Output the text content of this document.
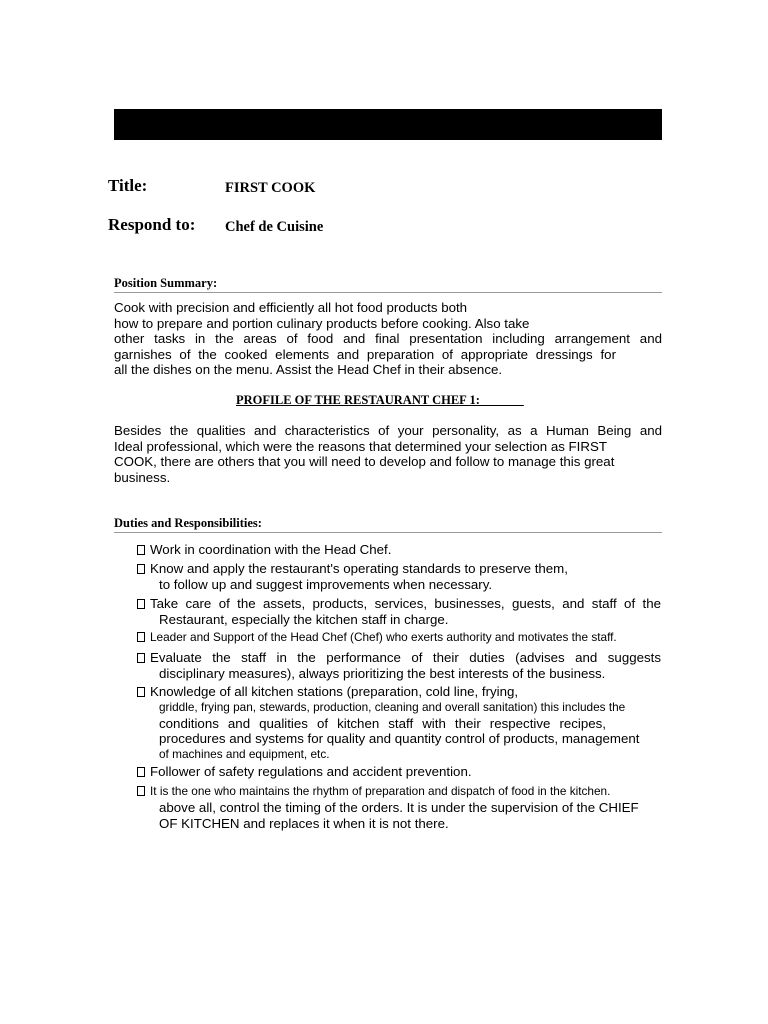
Title:	FIRST COOK
Respond to: Chef de Cuisine
Position Summary:
Cook with precision and efficiently all hot food products both
how to prepare and portion culinary products before cooking. Also take
other tasks in the areas of food and final presentation including arrangement and
garnishes of the cooked elements and preparation of appropriate dressings for
all the dishes on the menu. Assist the Head Chef in their absence.
PROFILE OF THE RESTAURANT CHEF 1:_______
Besides the qualities and characteristics of your personality, as a Human Being and
Ideal professional, which were the reasons that determined your selection as FIRST
COOK, there are others that you will need to develop and follow to manage this great
business.
Duties and Responsibilities:
Work in coordination with the Head Chef.
Know and apply the restaurant's operating standards to preserve them,
to follow up and suggest improvements when necessary.
Take care of the assets, products, services, businesses, guests, and staff of the
Restaurant, especially the kitchen staff in charge.
Leader and Support of the Head Chef (Chef) who exerts authority and motivates the staff.
Evaluate the staff in the performance of their duties (advises and suggests
disciplinary measures), always prioritizing the best interests of the business.
Knowledge of all kitchen stations (preparation, cold line, frying,
griddle, frying pan, stewards, production, cleaning and overall sanitation) this includes the
conditions and qualities of kitchen staff with their respective recipes,
procedures and systems for quality and quantity control of products, management
of machines and equipment, etc.
Follower of safety regulations and accident prevention.
It is the one who maintains the rhythm of preparation and dispatch of food in the kitchen.
above all, control the timing of the orders. It is under the supervision of the CHIEF
OF KITCHEN and replaces it when it is not there.
